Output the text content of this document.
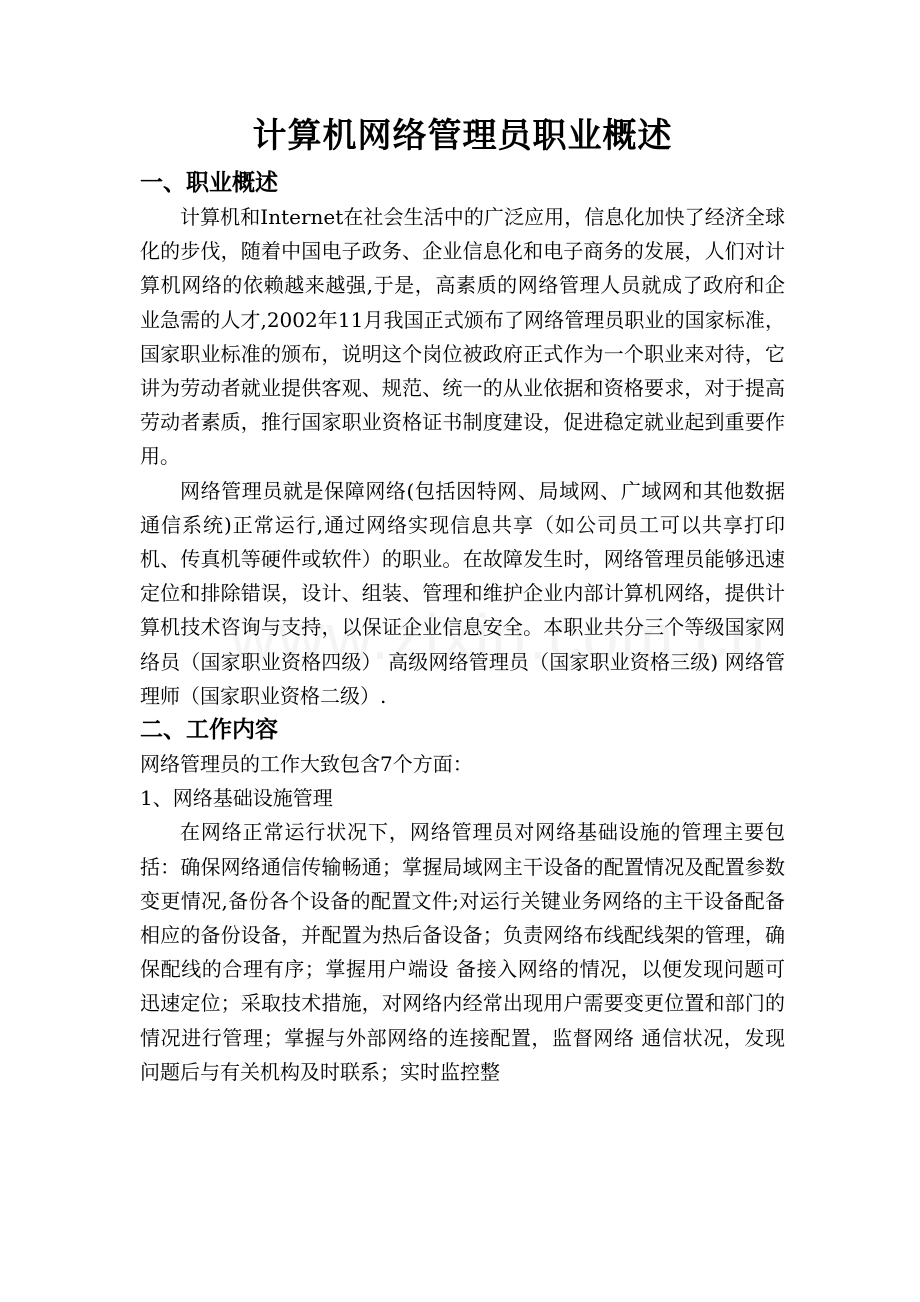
计算机网络管理员职业概述
一、职业概述

计算机和Internet在社会生活中的广泛应用，信息化加快了经济全球化的步伐，随着中国电子政务、企业信息化和电子商务的发展，人们对计算机网络的依赖越来越强,于是，高素质的网络管理人员就成了政府和企业急需的人才,2002年11月我国正式颁布了网络管理员职业的国家标准，国家职业标准的颁布，说明这个岗位被政府正式作为一个职业来对待，它讲为劳动者就业提供客观、规范、统一的从业依据和资格要求，对于提高劳动者素质，推行国家职业资格证书制度建设，促进稳定就业起到重要作用。

网络管理员就是保障网络(包括因特网、局域网、广域网和其他数据通信系统)正常运行,通过网络实现信息共享（如公司员工可以共享打印机、传真机等硬件或软件）的职业。在故障发生时，网络管理员能够迅速定位和排除错误，设计、组装、管理和维护企业内部计算机网络，提供计算机技术咨询与支持，以保证企业信息安全。本职业共分三个等级国家网络员（国家职业资格四级） 高级网络管理员（国家职业资格三级) 网络管理师（国家职业资格二级）.

二、工作内容

网络管理员的工作大致包含7个方面：

1、网络基础设施管理

在网络正常运行状况下，网络管理员对网络基础设施的管理主要包括：确保网络通信传输畅通；掌握局域网主干设备的配置情况及配置参数变更情况,备份各个设备的配置文件;对运行关键业务网络的主干设备配备相应的备份设备，并配置为热后备设备；负责网络布线配线架的管理，确保配线的合理有序；掌握用户端设 备接入网络的情况，以便发现问题可迅速定位；采取技术措施，对网络内经常出现用户需要变更位置和部门的情况进行管理；掌握与外部网络的连接配置，监督网络 通信状况，发现问题后与有关机构及时联系；实时监控整
